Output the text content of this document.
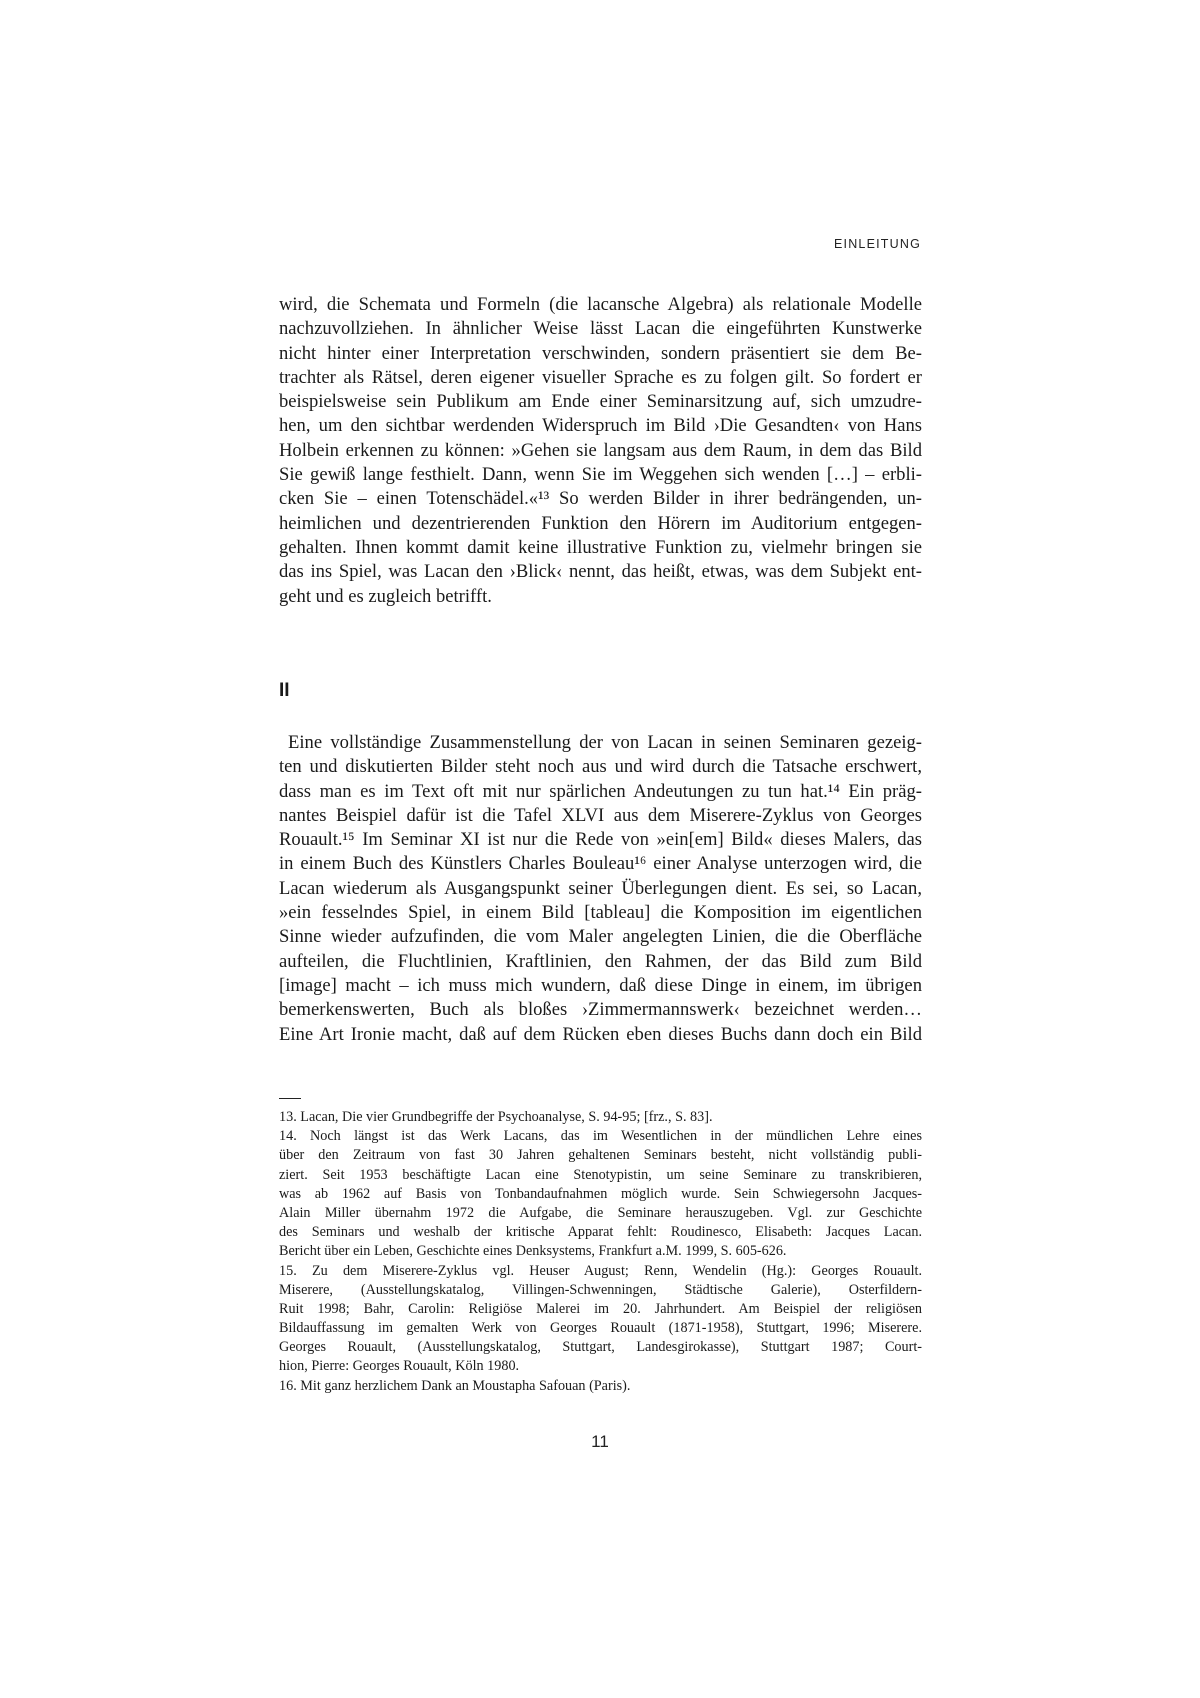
EINLEITUNG
wird, die Schemata und Formeln (die lacansche Algebra) als relationale Modelle
nachzuvollziehen. In ähnlicher Weise lässt Lacan die eingeführten Kunstwerke
nicht hinter einer Interpretation verschwinden, sondern präsentiert sie dem Be-
trachter als Rätsel, deren eigener visueller Sprache es zu folgen gilt. So fordert er
beispielsweise sein Publikum am Ende einer Seminarsitzung auf, sich umzudre-
hen, um den sichtbar werdenden Widerspruch im Bild ›Die Gesandten‹ von Hans
Holbein erkennen zu können: »Gehen sie langsam aus dem Raum, in dem das Bild
Sie gewiß lange festhielt. Dann, wenn Sie im Weggehen sich wenden […] – erbli-
cken Sie – einen Totenschädel.«¹³ So werden Bilder in ihrer bedrängenden, un-
heimlichen und dezentrierenden Funktion den Hörern im Auditorium entgegen-
gehalten. Ihnen kommt damit keine illustrative Funktion zu, vielmehr bringen sie
das ins Spiel, was Lacan den ›Blick‹ nennt, das heißt, etwas, was dem Subjekt ent-
geht und es zugleich betrifft.
II
Eine vollständige Zusammenstellung der von Lacan in seinen Seminaren gezeig-
ten und diskutierten Bilder steht noch aus und wird durch die Tatsache erschwert,
dass man es im Text oft mit nur spärlichen Andeutungen zu tun hat.¹⁴ Ein präg-
nantes Beispiel dafür ist die Tafel XLVI aus dem Miserere-Zyklus von Georges
Rouault.¹⁵ Im Seminar XI ist nur die Rede von »ein[em] Bild« dieses Malers, das
in einem Buch des Künstlers Charles Bouleau¹⁶ einer Analyse unterzogen wird, die
Lacan wiederum als Ausgangspunkt seiner Überlegungen dient. Es sei, so Lacan,
»ein fesselndes Spiel, in einem Bild [tableau] die Komposition im eigentlichen
Sinne wieder aufzufinden, die vom Maler angelegten Linien, die die Oberfläche
aufteilen, die Fluchtlinien, Kraftlinien, den Rahmen, der das Bild zum Bild
[image] macht – ich muss mich wundern, daß diese Dinge in einem, im übrigen
bemerkenswerten, Buch als bloßes ›Zimmermannswerk‹ bezeichnet werden…
Eine Art Ironie macht, daß auf dem Rücken eben dieses Buchs dann doch ein Bild
13. Lacan, Die vier Grundbegriffe der Psychoanalyse, S. 94-95; [frz., S. 83].
14. Noch längst ist das Werk Lacans, das im Wesentlichen in der mündlichen Lehre eines
über den Zeitraum von fast 30 Jahren gehaltenen Seminars besteht, nicht vollständig publi-
ziert. Seit 1953 beschäftigte Lacan eine Stenotypistin, um seine Seminare zu transkribieren,
was ab 1962 auf Basis von Tonbandaufnahmen möglich wurde. Sein Schwiegersohn Jacques-
Alain Miller übernahm 1972 die Aufgabe, die Seminare herauszugeben. Vgl. zur Geschichte
des Seminars und weshalb der kritische Apparat fehlt: Roudinesco, Elisabeth: Jacques Lacan.
Bericht über ein Leben, Geschichte eines Denksystems, Frankfurt a.M. 1999, S. 605-626.
15. Zu dem Miserere-Zyklus vgl. Heuser August; Renn, Wendelin (Hg.): Georges Rouault.
Miserere, (Ausstellungskatalog, Villingen-Schwenningen, Städtische Galerie), Osterfildern-
Ruit 1998; Bahr, Carolin: Religiöse Malerei im 20. Jahrhundert. Am Beispiel der religiösen
Bildauffassung im gemalten Werk von Georges Rouault (1871-1958), Stuttgart, 1996; Miserere.
Georges Rouault, (Ausstellungskatalog, Stuttgart, Landesgirokasse), Stuttgart 1987; Court-
hion, Pierre: Georges Rouault, Köln 1980.
16. Mit ganz herzlichem Dank an Moustapha Safouan (Paris).
11
